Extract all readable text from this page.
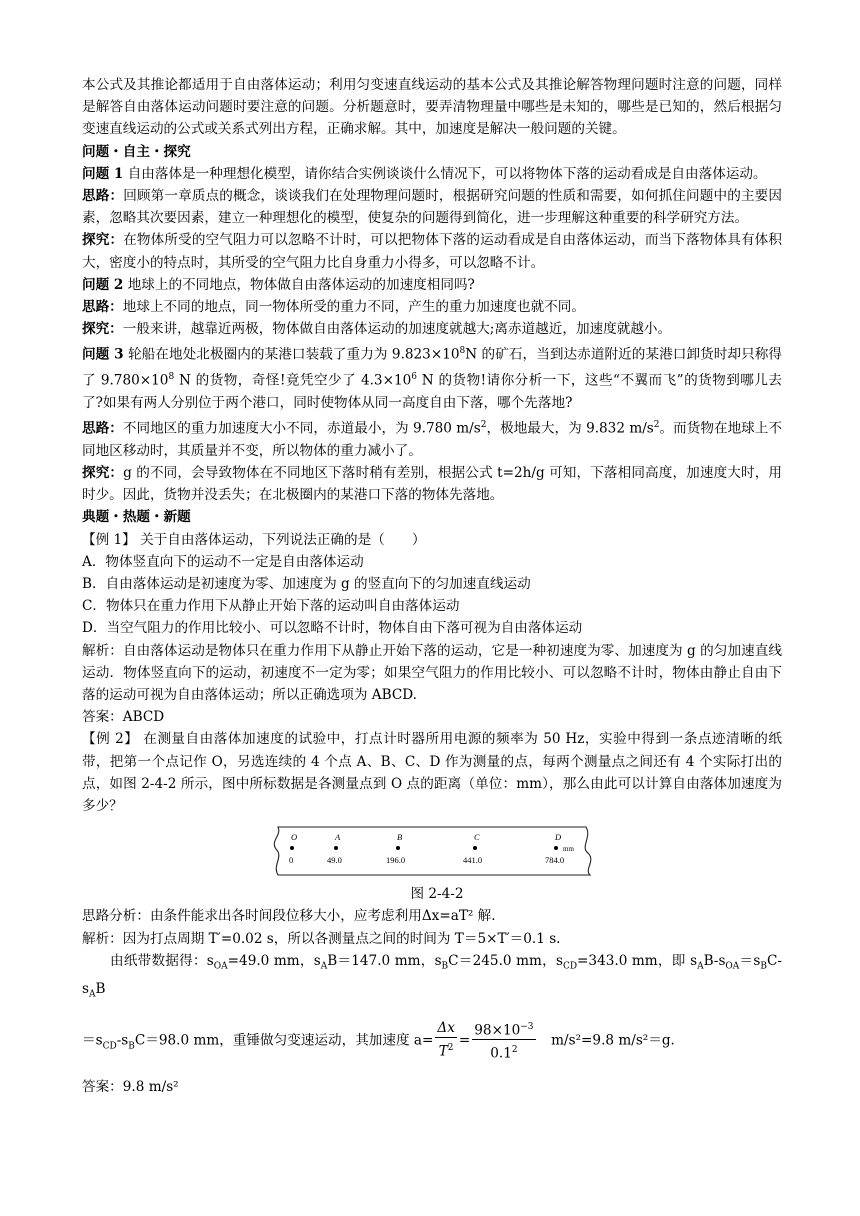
本公式及其推论都适用于自由落体运动；利用匀变速直线运动的基本公式及其推论解答物理问题时注意的问题，同样是解答自由落体运动问题时要注意的问题。分析题意时，要弄清物理量中哪些是未知的，哪些是已知的，然后根据匀变速直线运动的公式或关系式列出方程，正确求解。其中，加速度是解决一般问题的关键。

问题・自主・探究

问题 1 自由落体是一种理想化模型，请你结合实例谈谈什么情况下，可以将物体下落的运动看成是自由落体运动。

思路：回顾第一章质点的概念，谈谈我们在处理物理问题时，根据研究问题的性质和需要，如何抓住问题中的主要因素，忽略其次要因素，建立一种理想化的模型，使复杂的问题得到简化，进一步理解这种重要的科学研究方法。

探究：在物体所受的空气阻力可以忽略不计时，可以把物体下落的运动看成是自由落体运动，而当下落物体具有体积大，密度小的特点时，其所受的空气阻力比自身重力小得多，可以忽略不计。

问题 2 地球上的不同地点，物体做自由落体运动的加速度相同吗?

思路：地球上不同的地点，同一物体所受的重力不同，产生的重力加速度也就不同。

探究：一般来讲，越靠近两极，物体做自由落体运动的加速度就越大;离赤道越近，加速度就越小。

问题 3 轮船在地处北极圈内的某港口装载了重力为 $9.823\times 10^8N$ 的矿石，当到达赤道附近的某港口卸货时却只称得了 $9.780\times 10^8$ N 的货物，奇怪!竟凭空少了 $4.3\times 10^6$ N 的货物!请你分析一下，这些“不翼而飞”的货物到哪儿去了?如果有两人分别位于两个港口，同时使物体从同一高度自由下落，哪个先落地?

思路：不同地区的重力加速度大小不同，赤道最小，为 9.780 $m/s^2$，极地最大，为 9.832 $m/s^2$。而货物在地球上不同地区移动时，其质量并不变，所以物体的重力减小了。

探究：g 的不同，会导致物体在不同地区下落时稍有差别，根据公式 t=2h/g 可知，下落相同高度，加速度大时，用时少。因此，货物并没丢失；在北极圈内的某港口下落的物体先落地。

典题・热题・新题

【例 1】 关于自由落体运动，下列说法正确的是（　　）

A．物体竖直向下的运动不一定是自由落体运动

B．自由落体运动是初速度为零、加速度为 g 的竖直向下的匀加速直线运动

C．物体只在重力作用下从静止开始下落的运动叫自由落体运动

D．当空气阻力的作用比较小、可以忽略不计时，物体自由下落可视为自由落体运动

解析：自由落体运动是物体只在重力作用下从静止开始下落的运动，它是一种初速度为零、加速度为 g 的匀加速直线运动．物体竖直向下的运动，初速度不一定为零；如果空气阻力的作用比较小、可以忽略不计时，物体由静止自由下落的运动可视为自由落体运动；所以正确选项为 ABCD.

答案：ABCD

【例 2】 在测量自由落体加速度的试验中，打点计时器所用电源的频率为 50 Hz，实验中得到一条点迹清晰的纸带，把第一个点记作 O，另选连续的 4 个点 A、B、C、D 作为测量的点，每两个测量点之间还有 4 个实际打出的点，如图 2-4-2 所示，图中所标数据是各测量点到 O 点的距离（单位：mm），那么由此可以计算自由落体加速度为多少？

O
0
A
49.0
B
196.0
C
441.0
D
mm
784.0

图 2-4-2

思路分析：由条件能求出各时间段位移大小，应考虑利用Δx=aT² 解.

解析：因为打点周期 T′=0.02 s，所以各测量点之间的时间为 T＝5×T′＝0.1 s.

由纸带数据得：$s_{OA}=49.0$ mm，$s_AB=147.0$ mm，$s_BC=245.0$ mm，$s_{CD}=343.0$ mm，即 $s_AB-s_{OA}=s_BC-s_AB$

$=s_{CD}-s_BC=98.0$ mm，重锤做匀变速运动，其加速度 $a= \frac{\Delta x}{T^2} = \frac{98\times 10^{-3}}{0.1^2}$ 　m/s²=9.8 m/s²＝g.

答案：9.8 m/s²
